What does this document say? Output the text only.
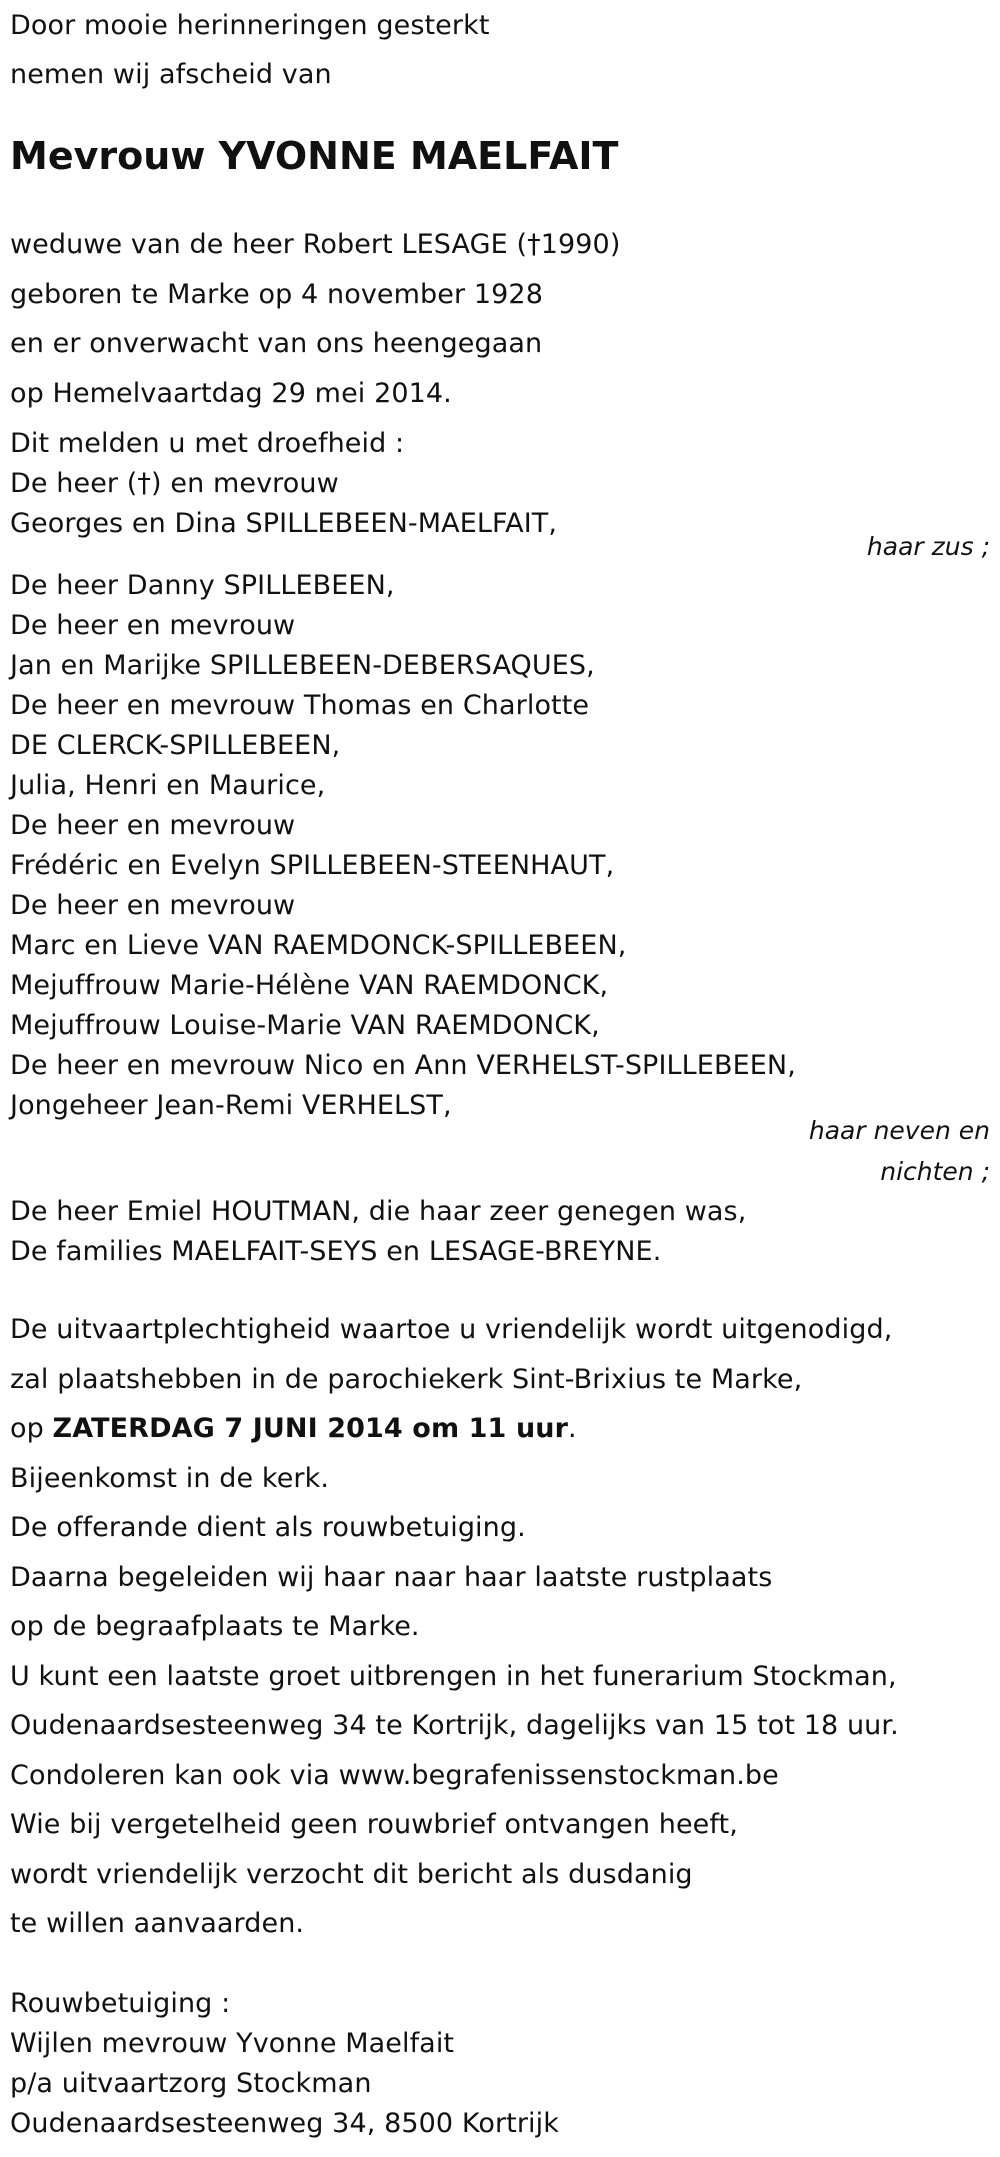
Door mooie herinneringen gesterkt
nemen wij afscheid van
Mevrouw YVONNE MAELFAIT
weduwe van de heer Robert LESAGE (†1990)
geboren te Marke op 4 november 1928
en er onverwacht van ons heengegaan
op Hemelvaartdag 29 mei 2014.
Dit melden u met droefheid :
De heer (†) en mevrouw
Georges en Dina SPILLEBEEN-MAELFAIT,
haar zus ;
De heer Danny SPILLEBEEN,
De heer en mevrouw
Jan en Marijke SPILLEBEEN-DEBERSAQUES,
De heer en mevrouw Thomas en Charlotte
DE CLERCK-SPILLEBEEN,
Julia, Henri en Maurice,
De heer en mevrouw
Frédéric en Evelyn SPILLEBEEN-STEENHAUT,
De heer en mevrouw
Marc en Lieve VAN RAEMDONCK-SPILLEBEEN,
Mejuffrouw Marie-Hélène VAN RAEMDONCK,
Mejuffrouw Louise-Marie VAN RAEMDONCK,
De heer en mevrouw Nico en Ann VERHELST-SPILLEBEEN,
Jongeheer Jean-Remi VERHELST,
haar neven en
nichten ;
De heer Emiel HOUTMAN, die haar zeer genegen was,
De families MAELFAIT-SEYS en LESAGE-BREYNE.
De uitvaartplechtigheid waartoe u vriendelijk wordt uitgenodigd,
zal plaatshebben in de parochiekerk Sint-Brixius te Marke,
op ZATERDAG 7 JUNI 2014 om 11 uur.
Bijeenkomst in de kerk.
De offerande dient als rouwbetuiging.
Daarna begeleiden wij haar naar haar laatste rustplaats
op de begraafplaats te Marke.
U kunt een laatste groet uitbrengen in het funerarium Stockman,
Oudenaardsesteenweg 34 te Kortrijk, dagelijks van 15 tot 18 uur.
Condoleren kan ook via www.begrafenissenstockman.be
Wie bij vergetelheid geen rouwbrief ontvangen heeft,
wordt vriendelijk verzocht dit bericht als dusdanig
te willen aanvaarden.
Rouwbetuiging :
Wijlen mevrouw Yvonne Maelfait
p/a uitvaartzorg Stockman
Oudenaardsesteenweg 34, 8500 Kortrijk
